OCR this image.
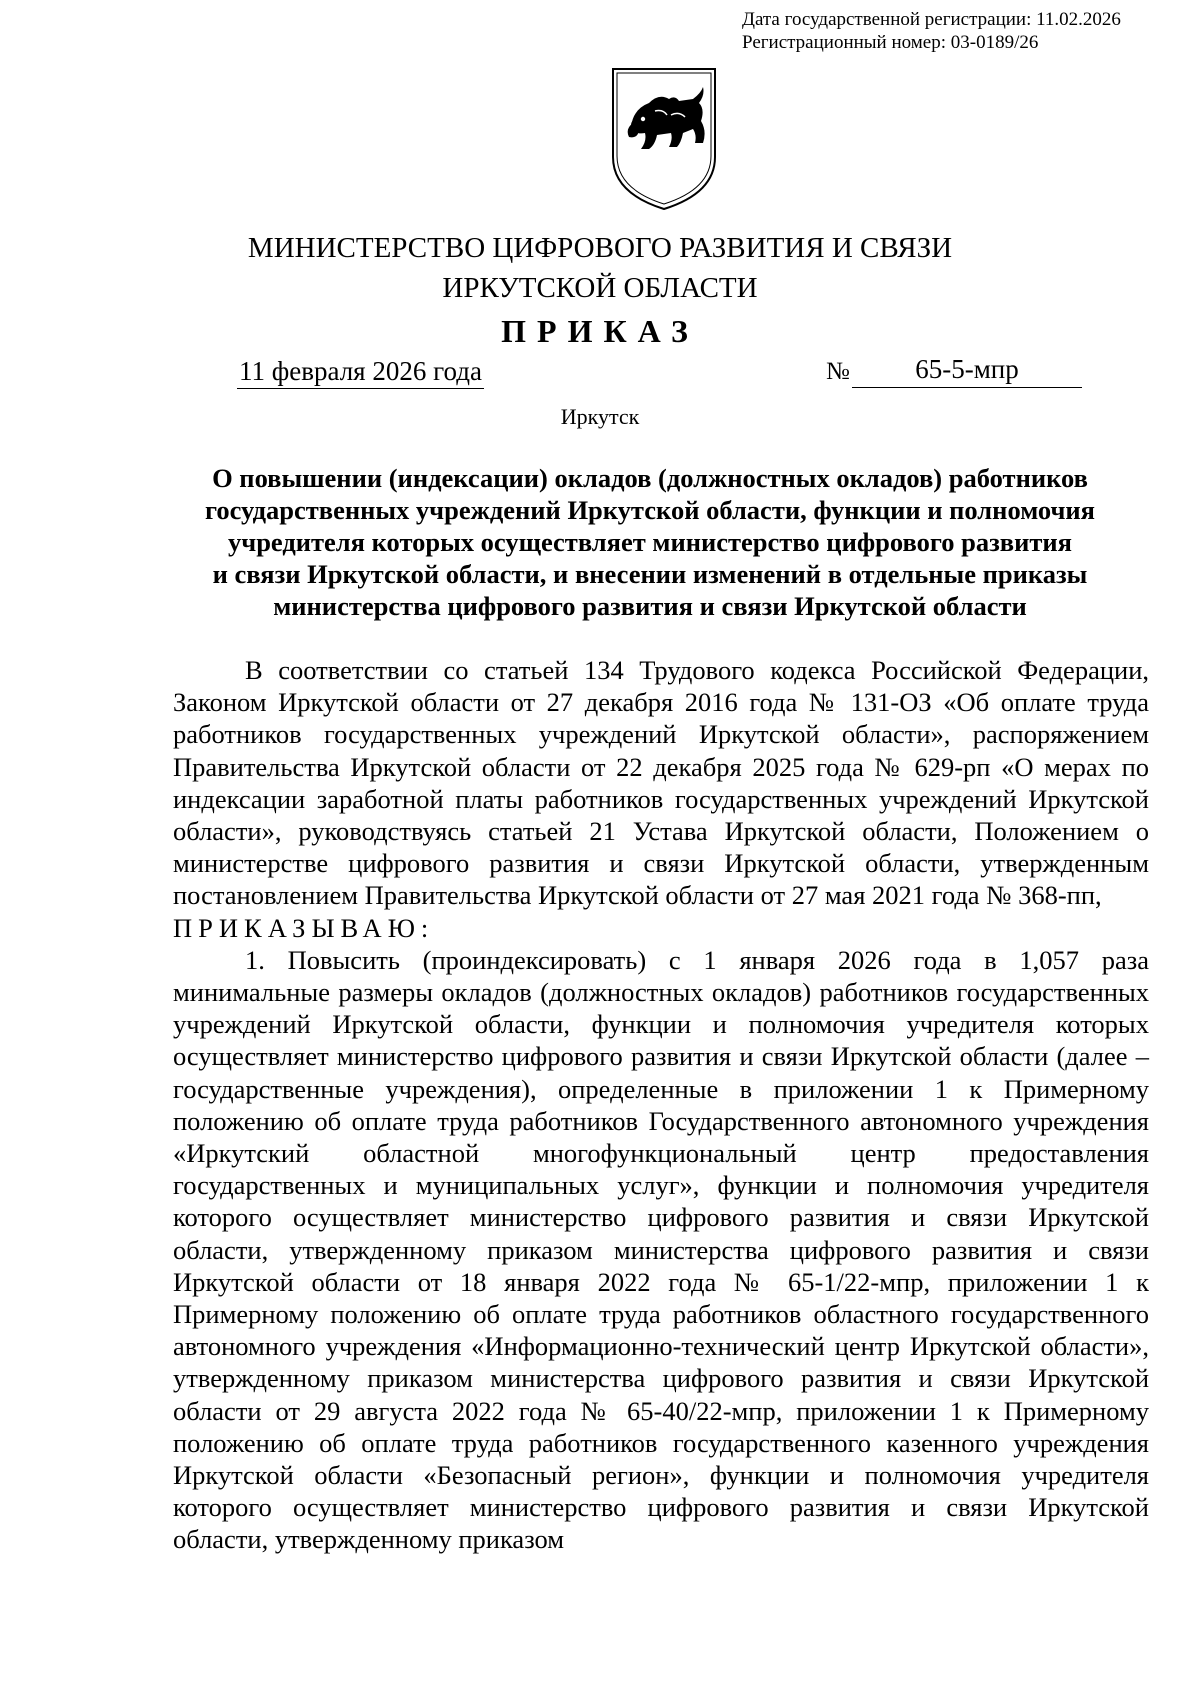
Дата государственной регистрации: 11.02.2026
Регистрационный номер: 03-0189/26
МИНИСТЕРСТВО ЦИФРОВОГО РАЗВИТИЯ И СВЯЗИ
ИРКУТСКОЙ ОБЛАСТИ
ПРИКАЗ
11 февраля 2026 года	№	65-5-мпр
Иркутск
О повышении (индексации) окладов (должностных окладов) работников
государственных учреждений Иркутской области, функции и полномочия
учредителя которых осуществляет министерство цифрового развития
и связи Иркутской области, и внесении изменений в отдельные приказы
министерства цифрового развития и связи Иркутской области

В соответствии со статьей 134 Трудового кодекса Российской Федерации, Законом Иркутской области от 27 декабря 2016 года № 131-ОЗ «Об оплате труда работников государственных учреждений Иркутской области», распоряжением Правительства Иркутской области от 22 декабря 2025 года № 629-рп «О мерах по индексации заработной платы работников государственных учреждений Иркутской области», руководствуясь статьей 21 Устава Иркутской области, Положением о министерстве цифрового развития и связи Иркутской области, утвержденным постановлением Правительства Иркутской области от 27 мая 2021 года № 368-пп,

ПРИКАЗЫВАЮ:

1. Повысить (проиндексировать) с 1 января 2026 года в 1,057 раза минимальные размеры окладов (должностных окладов) работников государственных учреждений Иркутской области, функции и полномочия учредителя которых осуществляет министерство цифрового развития и связи Иркутской области (далее – государственные учреждения), определенные в приложении 1 к Примерному положению об оплате труда работников Государственного автономного учреждения «Иркутский областной многофункциональный центр предоставления государственных и муниципальных услуг», функции и полномочия учредителя которого осуществляет министерство цифрового развития и связи Иркутской области, утвержденному приказом министерства цифрового развития и связи Иркутской области от 18 января 2022 года № 65-1/22-мпр, приложении 1 к Примерному положению об оплате труда работников областного государственного автономного учреждения «Информационно-технический центр Иркутской области», утвержденному приказом министерства цифрового развития и связи Иркутской области от 29 августа 2022 года № 65-40/22-мпр, приложении 1 к Примерному положению об оплате труда работников государственного казенного учреждения Иркутской области «Безопасный регион», функции и полномочия учредителя которого осуществляет министерство цифрового развития и связи Иркутской области, утвержденному приказом
